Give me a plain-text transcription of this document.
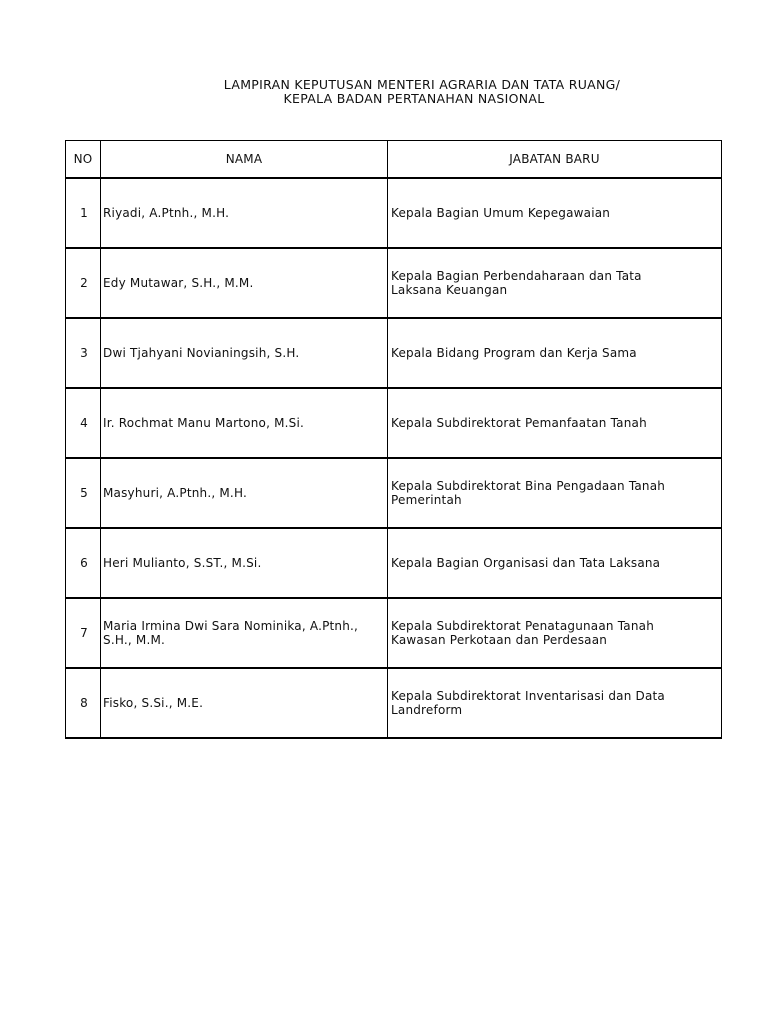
LAMPIRAN KEPUTUSAN MENTERI AGRARIA DAN TATA RUANG/
KEPALA BADAN PERTANAHAN NASIONAL
NO	NAMA	JABATAN BARU
1	Riyadi, A.Ptnh., M.H.	Kepala Bagian Umum Kepegawaian
2	Edy Mutawar, S.H., M.M.	Kepala Bagian Perbendaharaan dan Tata Laksana Keuangan
3	Dwi Tjahyani Novianingsih, S.H.	Kepala Bidang Program dan Kerja Sama
4	Ir. Rochmat Manu Martono, M.Si.	Kepala Subdirektorat Pemanfaatan Tanah
5	Masyhuri, A.Ptnh., M.H.	Kepala Subdirektorat Bina Pengadaan Tanah Pemerintah
6	Heri Mulianto, S.ST., M.Si.	Kepala Bagian Organisasi dan Tata Laksana
7	Maria Irmina Dwi Sara Nominika, A.Ptnh., S.H., M.M.	Kepala Subdirektorat Penatagunaan Tanah Kawasan Perkotaan dan Perdesaan
8	Fisko, S.Si., M.E.	Kepala Subdirektorat Inventarisasi dan Data Landreform
